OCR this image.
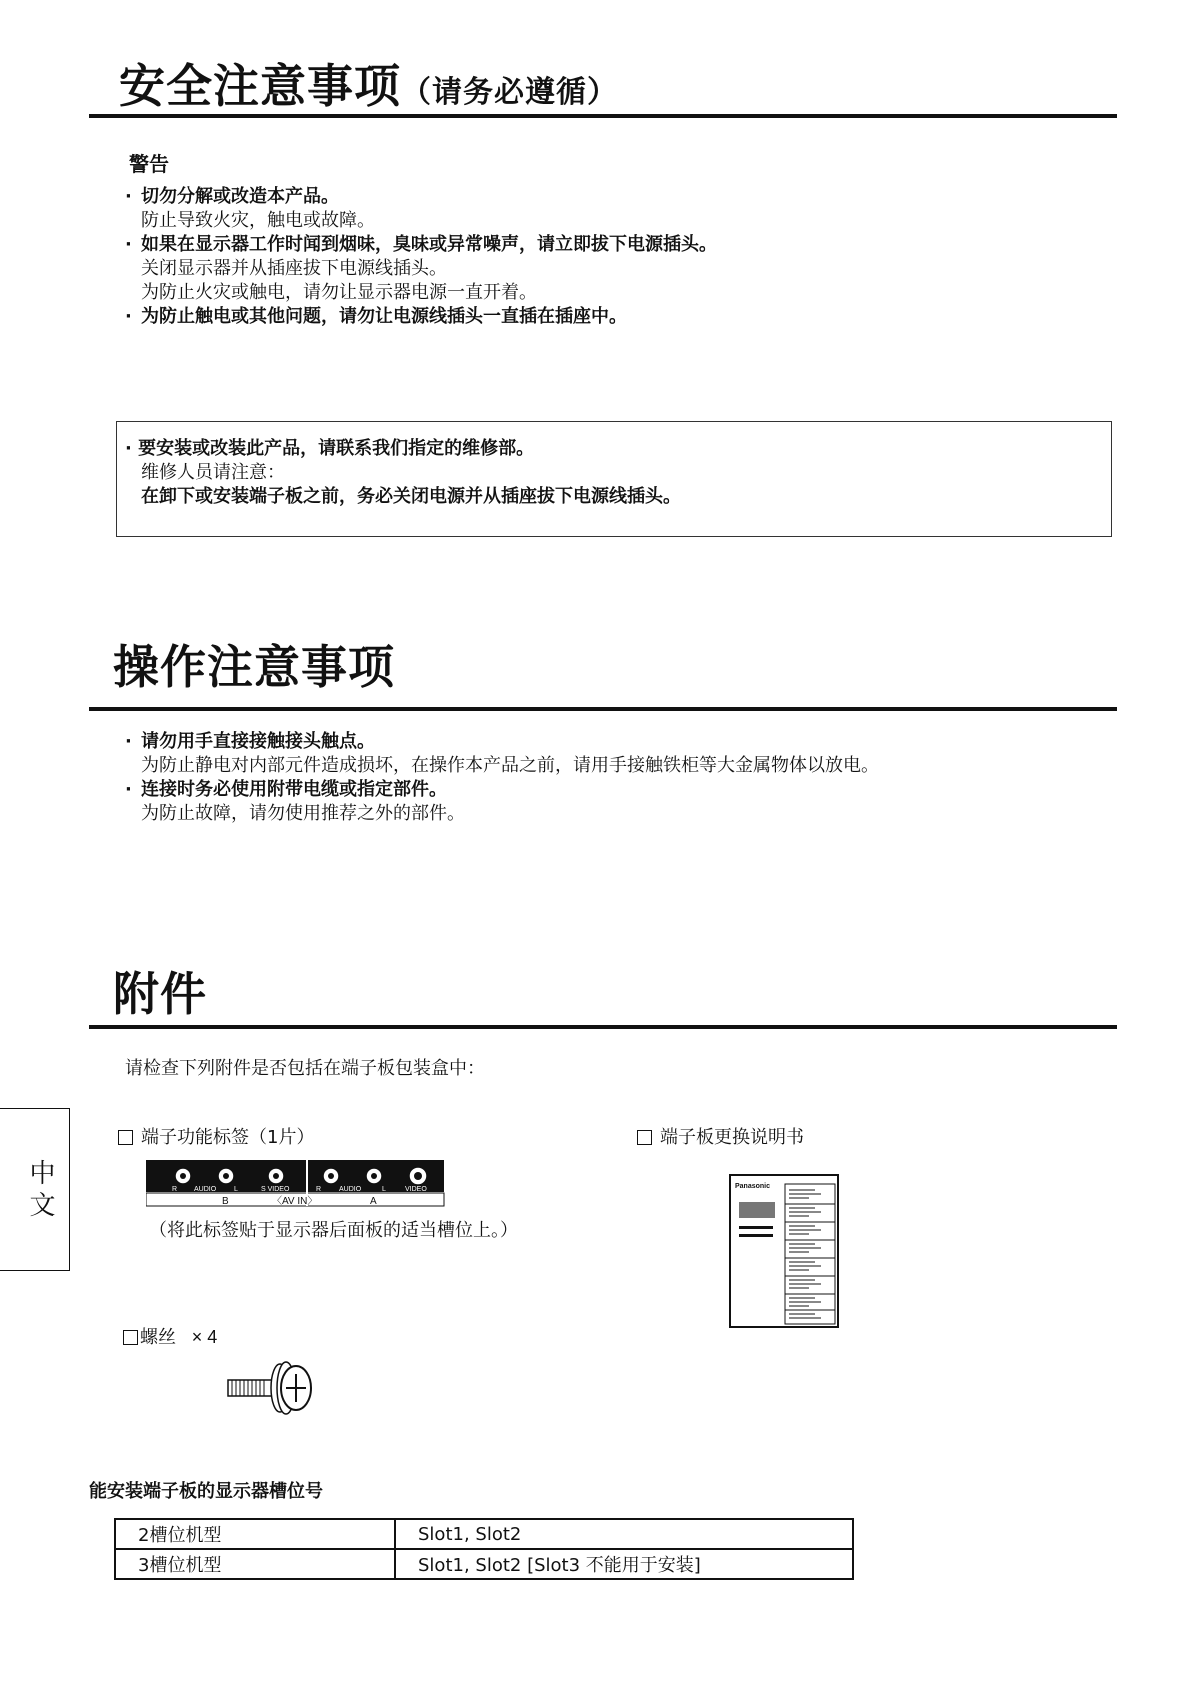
安全注意事项（请务必遵循）
警告
· 切勿分解或改造本产品。
防止导致火灾，触电或故障。
· 如果在显示器工作时闻到烟味，臭味或异常噪声，请立即拔下电源插头。
关闭显示器并从插座拔下电源线插头。
为防止火灾或触电，请勿让显示器电源一直开着。
· 为防止触电或其他问题，请勿让电源线插头一直插在插座中。
· 要安装或改装此产品，请联系我们指定的维修部。
维修人员请注意：
在卸下或安装端子板之前，务必关闭电源并从插座拔下电源线插头。
操作注意事项
· 请勿用手直接接触接头触点。
为防止静电对内部元件造成损坏，在操作本产品之前，请用手接触铁柜等大金属物体以放电。
· 连接时务必使用附带电缆或指定部件。
为防止故障，请勿使用推荐之外的部件。
附件
请检查下列附件是否包括在端子板包装盒中：
端子功能标签（1片）
R AUDIO	L	S VIDEO	R	AUDIO	L	VIDEO
B	〈AV IN〉	A
（将此标签贴于显示器后面板的适当槽位上。）
端子板更换说明书
Panasonic
螺丝 × 4
能安装端子板的显示器槽位号
2槽位机型	Slot1, Slot2
3槽位机型	Slot1, Slot2 [Slot3 不能用于安装]
中文
